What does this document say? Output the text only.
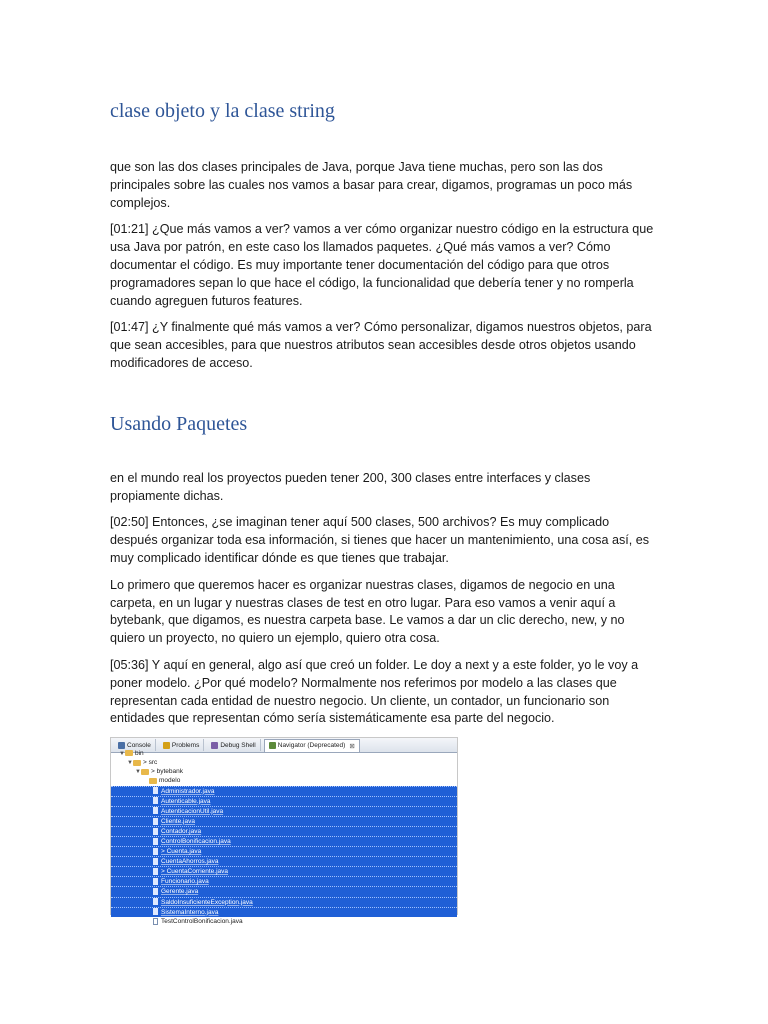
clase objeto y la clase string

que son las dos clases principales de Java, porque Java tiene muchas, pero son las dos principales sobre las cuales nos vamos a basar para crear, digamos, programas un poco más complejos.

[01:21] ¿Que más vamos a ver? vamos a ver cómo organizar nuestro código en la estructura que usa Java por patrón, en este caso los llamados paquetes. ¿Qué más vamos a ver? Cómo documentar el código. Es muy importante tener documentación del código para que otros programadores sepan lo que hace el código, la funcionalidad que debería tener y no romperla cuando agreguen futuros features.

[01:47] ¿Y finalmente qué más vamos a ver? Cómo personalizar, digamos nuestros objetos, para que sean accesibles, para que nuestros atributos sean accesibles desde otros objetos usando modificadores de acceso.

Usando Paquetes

en el mundo real los proyectos pueden tener 200, 300 clases entre interfaces y clases propiamente dichas.

[02:50] Entonces, ¿se imaginan tener aquí 500 clases, 500 archivos? Es muy complicado después organizar toda esa información, si tienes que hacer un mantenimiento, una cosa así, es muy complicado identificar dónde es que tienes que trabajar.

Lo primero que queremos hacer es organizar nuestras clases, digamos de negocio en una carpeta, en un lugar y nuestras clases de test en otro lugar. Para eso vamos a venir aquí a bytebank, que digamos, es nuestra carpeta base. Le vamos a dar un clic derecho, new, y no quiero un proyecto, no quiero un ejemplo, quiero otra cosa.

[05:36] Y aquí en general, algo así que creó un folder. Le doy a next y a este folder, yo le voy a poner modelo. ¿Por qué modelo? Normalmente nos referimos por modelo a las clases que representan cada entidad de nuestro negocio. Un cliente, un contador, un funcionario son entidades que representan cómo sería sistemáticamente esa parte del negocio.

Console	Problems	Debug Shell	Navigator (Deprecated) ⊠
▼ bin
▼ > src
▼ > bytebank
modelo
Administrador.java
Autenticable.java
AutenticacionUtil.java
Cliente.java
Contador.java
ControlBonificacion.java
> Cuenta.java
CuentaAhorros.java
> CuentaCorriente.java
Funcionario.java
Gerente.java
SaldoInsuficienteException.java
SistemaInterno.java
TestControlBonificacion.java
